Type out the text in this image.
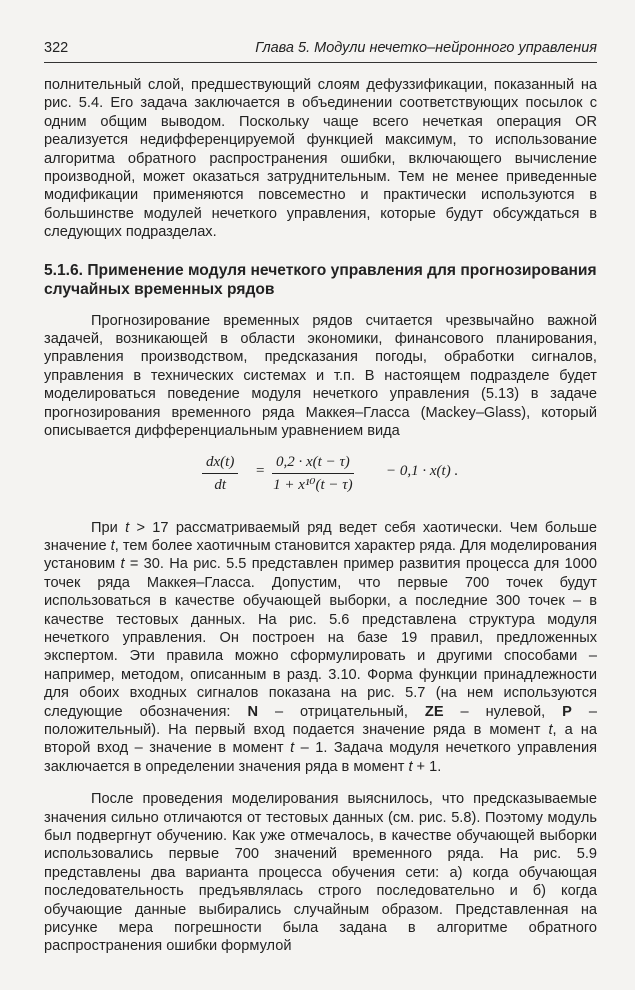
322	Глава 5. Модули нечетко–нейронного управления

полнительный слой, предшествующий слоям дефуззификации, показанный на рис. 5.4. Его задача заключается в объединении соответствующих посылок с одним общим выводом. Поскольку чаще всего нечеткая операция OR реализуется недифференцируемой функцией максимум, то использование алгоритма обратного распространения ошибки, включающего вычисление производной, может оказаться затруднительным. Тем не менее приведенные модификации применяются повсеместно и практически используются в большинстве модулей нечеткого управления, которые будут обсуждаться в следующих подразделах.

5.1.6. Применение модуля нечеткого управления для прогнозирования случайных временных рядов

Прогнозирование временных рядов считается чрезвычайно важной задачей, возникающей в области экономики, финансового планирования, управления производством, предсказания погоды, обработки сигналов, управления в технических системах и т.п. В настоящем подразделе будет моделироваться поведение модуля нечеткого управления (5.13) в задаче прогнозирования временного ряда Маккея–Гласса (Mackey–Glass), который описывается дифференциальным уравнением вида

$\frac{dx(t)}{dt} = \frac{0,2 \cdot x(t - \tau)}{\text{1 + x¹⁰(t − τ)}} - 0,1 \cdot x(t)$ .

При t > 17 рассматриваемый ряд ведет себя хаотически. Чем больше значение t, тем более хаотичным становится характер ряда. Для моделирования установим t = 30. На рис. 5.5 представлен пример развития процесса для 1000 точек ряда Маккея–Гласса. Допустим, что первые 700 точек будут использоваться в качестве обучающей выборки, а последние 300 точек – в качестве тестовых данных. На рис. 5.6 представлена структура модуля нечеткого управления. Он построен на базе 19 правил, предложенных экспертом. Эти правила можно сформулировать и другими способами – например, методом, описанным в разд. 3.10. Форма функции принадлежности для обоих входных сигналов показана на рис. 5.7 (на нем используются следующие обозначения: N – отрицательный, ZE – нулевой, P – положительный). На первый вход подается значение ряда в момент t, а на второй вход – значение в момент t – 1. Задача модуля нечеткого управления заключается в определении значения ряда в момент t + 1.

После проведения моделирования выяснилось, что предсказываемые значения сильно отличаются от тестовых данных (см. рис. 5.8). Поэтому модуль был подвергнут обучению. Как уже отмечалось, в качестве обучающей выборки использовались первые 700 значений временного ряда. На рис. 5.9 представлены два варианта процесса обучения сети: а) когда обучающая последовательность предъявлялась строго последовательно и б) когда обучающие данные выбирались случайным образом. Представленная на рисунке мера погрешности была задана в алгоритме обратного распространения ошибки формулой
